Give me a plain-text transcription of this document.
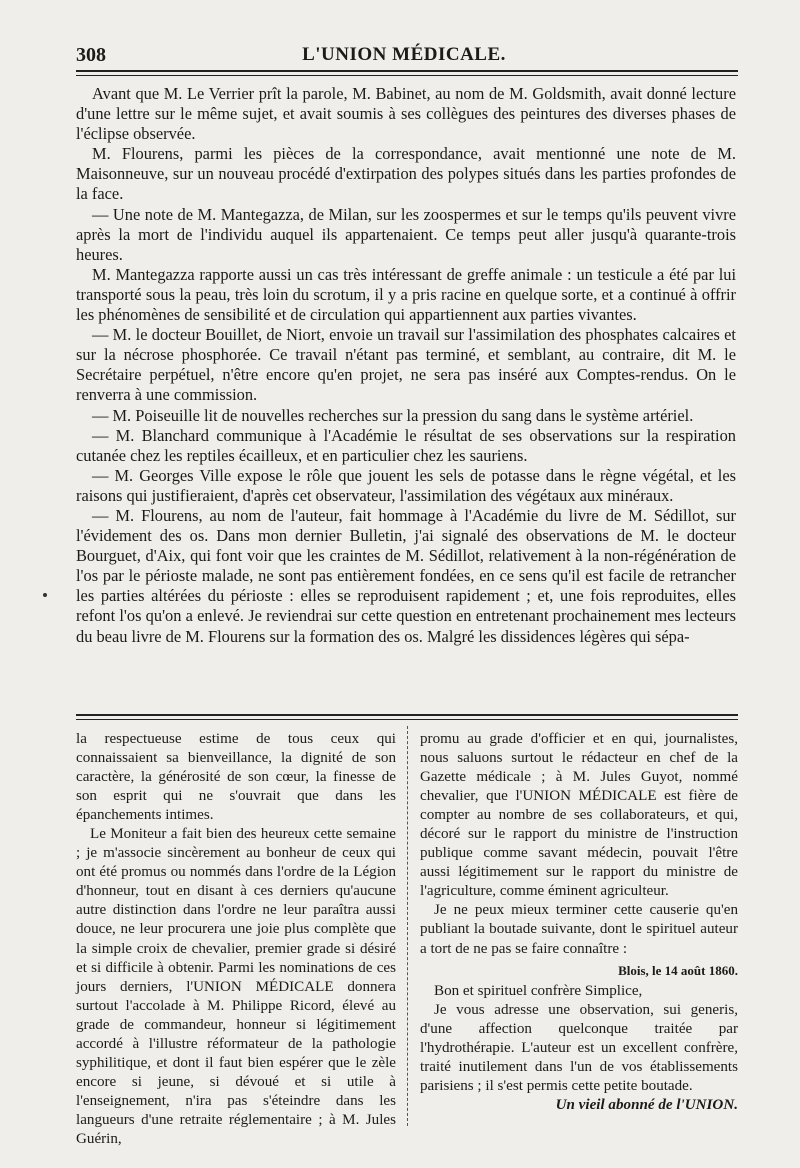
308	L'UNION MÉDICALE.

Avant que M. Le Verrier prît la parole, M. Babinet, au nom de M. Goldsmith, avait donné lecture d'une lettre sur le même sujet, et avait soumis à ses collègues des peintures des diverses phases de l'éclipse observée.

M. Flourens, parmi les pièces de la correspondance, avait mentionné une note de M. Maisonneuve, sur un nouveau procédé d'extirpation des polypes situés dans les parties profondes de la face.

— Une note de M. Mantegazza, de Milan, sur les zoospermes et sur le temps qu'ils peuvent vivre après la mort de l'individu auquel ils appartenaient. Ce temps peut aller jusqu'à quarante-trois heures.

M. Mantegazza rapporte aussi un cas très intéressant de greffe animale : un testicule a été par lui transporté sous la peau, très loin du scrotum, il y a pris racine en quelque sorte, et a continué à offrir les phénomènes de sensibilité et de circulation qui appartiennent aux parties vivantes.

— M. le docteur Bouillet, de Niort, envoie un travail sur l'assimilation des phosphates calcaires et sur la nécrose phosphorée. Ce travail n'étant pas terminé, et semblant, au contraire, dit M. le Secrétaire perpétuel, n'être encore qu'en projet, ne sera pas inséré aux Comptes-rendus. On le renverra à une commission.

— M. Poiseuille lit de nouvelles recherches sur la pression du sang dans le système artériel.

— M. Blanchard communique à l'Académie le résultat de ses observations sur la respiration cutanée chez les reptiles écailleux, et en particulier chez les sauriens.

— M. Georges Ville expose le rôle que jouent les sels de potasse dans le règne végétal, et les raisons qui justifieraient, d'après cet observateur, l'assimilation des végétaux aux minéraux.

— M. Flourens, au nom de l'auteur, fait hommage à l'Académie du livre de M. Sédillot, sur l'évidement des os. Dans mon dernier Bulletin, j'ai signalé des observations de M. le docteur Bourguet, d'Aix, qui font voir que les craintes de M. Sédillot, relativement à la non-régénération de l'os par le périoste malade, ne sont pas entièrement fondées, en ce sens qu'il est facile de retrancher les parties altérées du périoste : elles se reproduisent rapidement ; et, une fois reproduites, elles refont l'os qu'on a enlevé. Je reviendrai sur cette question en entretenant prochainement mes lecteurs du beau livre de M. Flourens sur la formation des os. Malgré les dissidences légères qui sépa-

la respectueuse estime de tous ceux qui connaissaient sa bienveillance, la dignité de son caractère, la générosité de son cœur, la finesse de son esprit qui ne s'ouvrait que dans les épanchements intimes.

Le Moniteur a fait bien des heureux cette semaine ; je m'associe sincèrement au bonheur de ceux qui ont été promus ou nommés dans l'ordre de la Légion d'honneur, tout en disant à ces derniers qu'aucune autre distinction dans l'ordre ne leur paraîtra aussi douce, ne leur procurera une joie plus complète que la simple croix de chevalier, premier grade si désiré et si difficile à obtenir. Parmi les nominations de ces jours derniers, l'UNION MÉDICALE donnera surtout l'accolade à M. Philippe Ricord, élevé au grade de commandeur, honneur si légitimement accordé à l'illustre réformateur de la pathologie syphilitique, et dont il faut bien espérer que le zèle encore si jeune, si dévoué et si utile à l'enseignement, n'ira pas s'éteindre dans les langueurs d'une retraite réglementaire ; à M. Jules Guérin,

promu au grade d'officier et en qui, journalistes, nous saluons surtout le rédacteur en chef de la Gazette médicale ; à M. Jules Guyot, nommé chevalier, que l'UNION MÉDICALE est fière de compter au nombre de ses collaborateurs, et qui, décoré sur le rapport du ministre de l'instruction publique comme savant médecin, pouvait l'être aussi légitimement sur le rapport du ministre de l'agriculture, comme éminent agriculteur.

Je ne peux mieux terminer cette causerie qu'en publiant la boutade suivante, dont le spirituel auteur a tort de ne pas se faire connaître :

Blois, le 14 août 1860.

Bon et spirituel confrère Simplice,

Je vous adresse une observation, sui generis, d'une affection quelconque traitée par l'hydrothérapie. L'auteur est un excellent confrère, traité inutilement dans l'un de vos établissements parisiens ; il s'est permis cette petite boutade.

Un vieil abonné de l'UNION.
